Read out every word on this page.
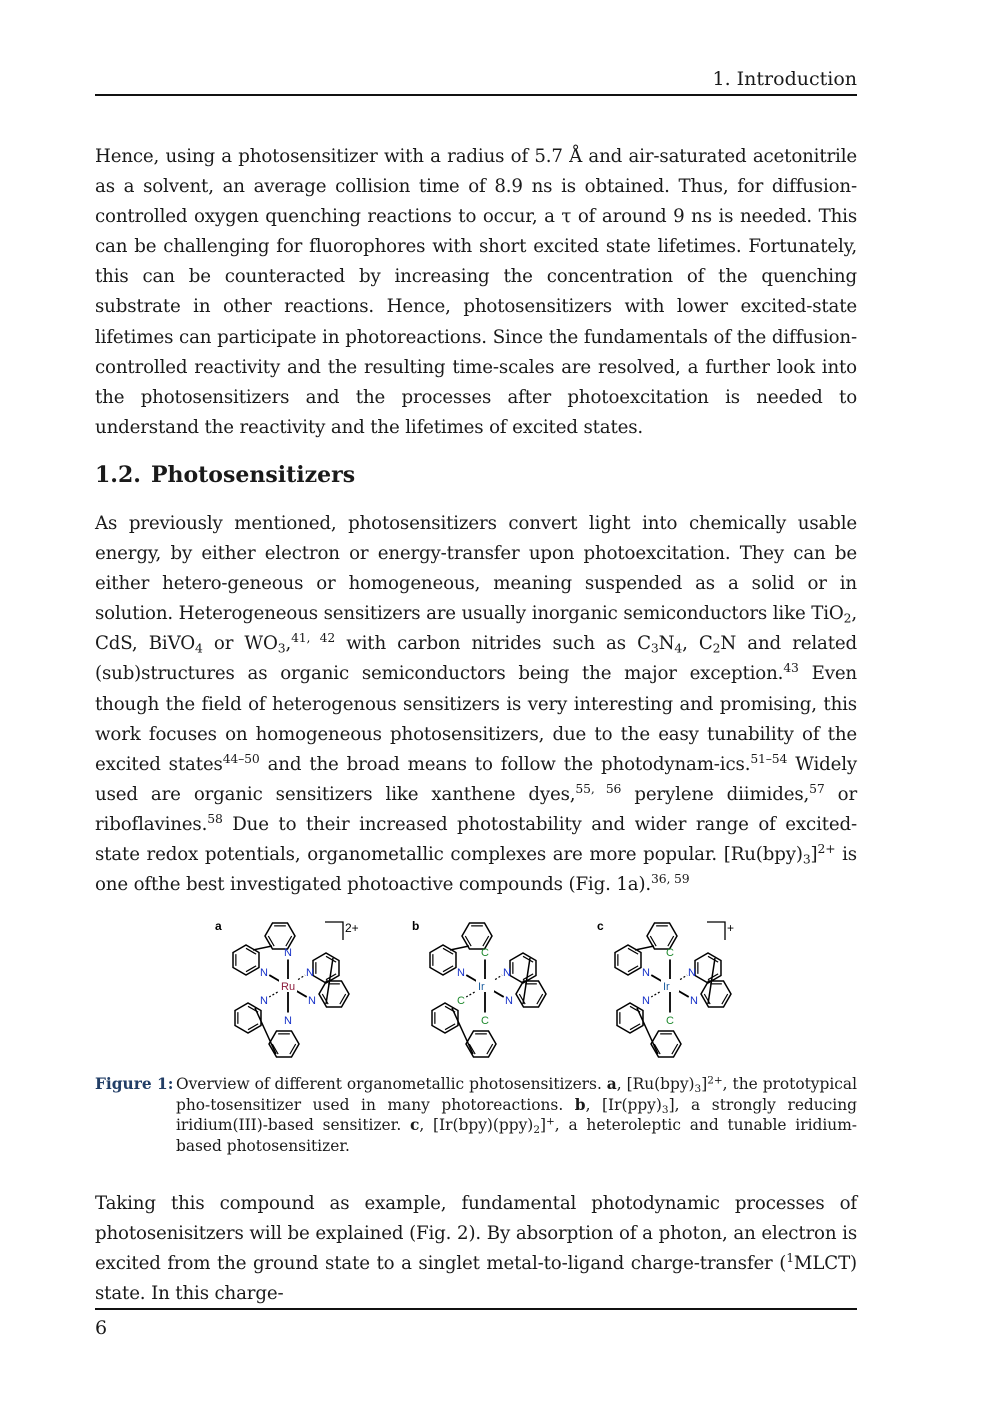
1. Introduction

Hence, using a photosensitizer with a radius of 5.7 Å and air-saturated acetonitrile as a solvent, an average collision time of 8.9 ns is obtained. Thus, for diffusion-controlled oxygen quenching reactions to occur, a τ of around 9 ns is needed. This can be challenging for fluorophores with short excited state lifetimes. Fortunately, this can be counteracted by increasing the concentration of the quenching substrate in other reactions. Hence, photosensitizers with lower excited-state lifetimes can participate in photoreactions. Since the fundamentals of the diffusion-controlled reactivity and the resulting time-scales are resolved, a further look into the photosensitizers and the processes after photoexcitation is needed to understand the reactivity and the lifetimes of excited states.

1.2. Photosensitizers

As previously mentioned, photosensitizers convert light into chemically usable energy, by either electron or energy-transfer upon photoexcitation. They can be either hetero-geneous or homogeneous, meaning suspended as a solid or in solution. Heterogeneous sensitizers are usually inorganic semiconductors like TiO$_2$, CdS, BiVO$_4$ or $WO_3,^{41, 42}$ with carbon nitrides such as $C_3N_4$, $C_2N$ and related (sub)structures as organic semiconductors being the major exception.$^{43}$ Even though the field of heterogenous sensitizers is very interesting and promising, this work focuses on homogeneous photosensitizers, due to the easy tunability of the excited states$^{44-50}$ and the broad means to follow the photodynam-ics.$^{51-54}$ Widely used are organic sensitizers like xanthene dyes,$^{55, 56}$ perylene diimides,$^{57}$ or riboflavines.$^{58}$ Due to their increased photostability and wider range of excited-state redox potentials, organometallic complexes are more popular. $[Ru(bpy)_3]^{2+}$ is one ofthe best investigated photoactive compounds (Fig. 1a).$^{36, 59}$

a	2+
N
N
N
N
N
N
Ru
b
N
C
N
C
C
N
Ir
c	+
N
C
N
N
C
N
Ir
Figure 1: Overview of different organometallic photosensitizers. a, $[Ru(bpy)_3]^{2+}$, the prototypical pho-tosensitizer used in many photoreactions. b, $[Ir(ppy)_3]$, a strongly reducing iridium(III)-based sensitizer. c, $[Ir(bpy)(ppy)_2]^+$, a heteroleptic and tunable iridium-based photosensitizer.

Taking this compound as example, fundamental photodynamic processes of photosenisitzers will be explained (Fig. 2). By absorption of a photon, an electron is excited from the ground state to a singlet metal-to-ligand charge-transfer ($^1$MLCT) state. In this charge-

6
